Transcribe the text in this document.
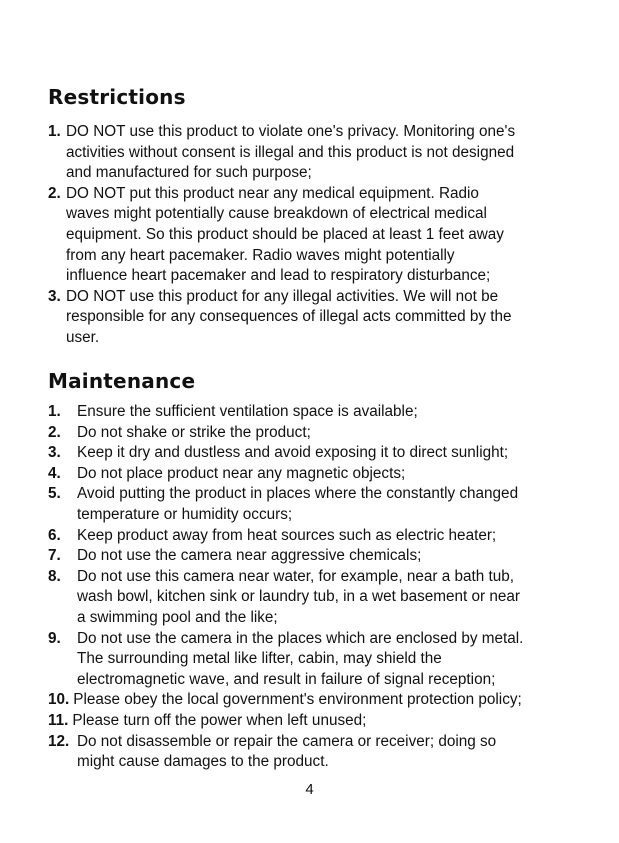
Restrictions
1. DO NOT use this product to violate one's privacy. Monitoring one's
activities without consent is illegal and this product is not designed
and manufactured for such purpose;
2. DO NOT put this product near any medical equipment. Radio
waves might potentially cause breakdown of electrical medical
equipment. So this product should be placed at least 1 feet away
from any heart pacemaker. Radio waves might potentially
influence heart pacemaker and lead to respiratory disturbance;
3. DO NOT use this product for any illegal activities. We will not be
responsible for any consequences of illegal acts committed by the
user.
Maintenance
1.	Ensure the sufficient ventilation space is available;
2.	Do not shake or strike the product;
3.	Keep it dry and dustless and avoid exposing it to direct sunlight;
4.	Do not place product near any magnetic objects;
5.	Avoid putting the product in places where the constantly changed
temperature or humidity occurs;
6.	Keep product away from heat sources such as electric heater;
7.	Do not use the camera near aggressive chemicals;
8.	Do not use this camera near water, for example, near a bath tub,
wash bowl, kitchen sink or laundry tub, in a wet basement or near
a swimming pool and the like;
9.	Do not use the camera in the places which are enclosed by metal.
The surrounding metal like lifter, cabin, may shield the
electromagnetic wave, and result in failure of signal reception;
10. Please obey the local government's environment protection policy;
11. Please turn off the power when left unused;
12. Do not disassemble or repair the camera or receiver; doing so
might cause damages to the product.

4
